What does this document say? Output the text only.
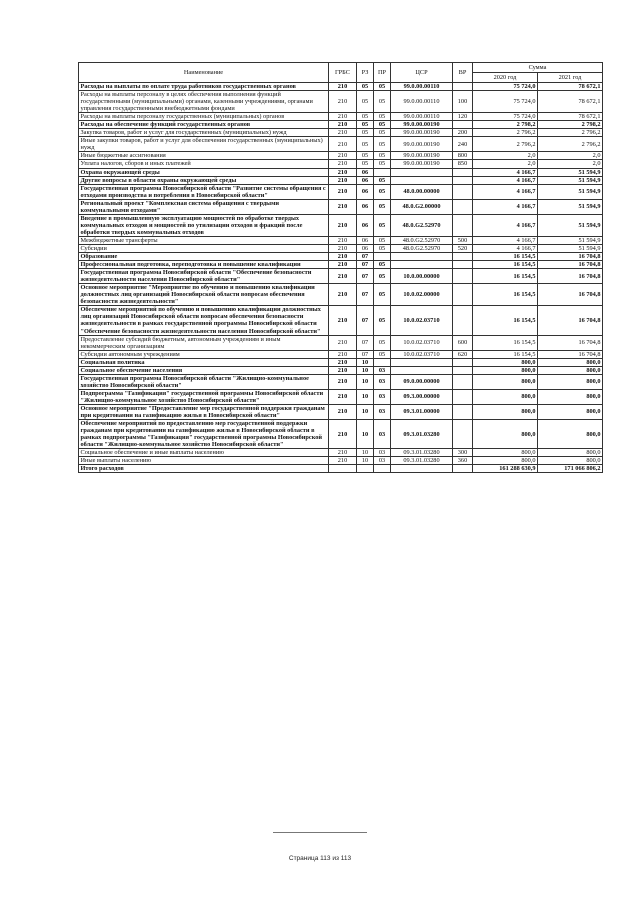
Наименование	ГРБС	РЗ	ПР	ЦСР	ВР	Сумма	
						2020 год	2021 год
Расходы на выплаты по оплате труда работников государственных органов	210	05	05	99.0.00.00110		75 724,0	78 672,1
Расходы на выплаты персоналу в целях обеспечения выполнения функций государственными (муниципальными) органами, казенными учреждениями, органами управления государственными внебюджетными фондами	210	05	05	99.0.00.00110	100	75 724,0	78 672,1
Расходы на выплаты персоналу государственных (муниципальных) органов	210	05	05	99.0.00.00110	120	75 724,0	78 672,1
Расходы на обеспечение функций государственных органов	210	05	05	99.0.00.00190		2 798,2	2 798,2
Закупка товаров, работ и услуг для государственных (муниципальных) нужд	210	05	05	99.0.00.00190	200	2 796,2	2 796,2
Иные закупки товаров, работ и услуг для обеспечения государственных (муниципальных) нужд	210	05	05	99.0.00.00190	240	2 796,2	2 796,2
Иные бюджетные ассигнования	210	05	05	99.0.00.00190	800	2,0	2,0
Уплата налогов, сборов и иных платежей	210	05	05	99.0.00.00190	850	2,0	2,0
Охрана окружающей среды	210	06				4 166,7	51 594,9
Другие вопросы в области охраны окружающей среды	210	06	05			4 166,7	51 594,9
Государственная программа Новосибирской области "Развитие системы обращения с отходами производства и потребления в Новосибирской области"	210	06	05	48.0.00.00000		4 166,7	51 594,9
Региональный проект "Комплексная система обращения с твердыми коммунальными отходами"	210	06	05	48.0.G2.00000		4 166,7	51 594,9
Введение в промышленную эксплуатацию мощностей по обработке твердых коммунальных отходов и мощностей по утилизации отходов и фракций после обработки твердых коммунальных отходов	210	06	05	48.0.G2.52970		4 166,7	51 594,9
Межбюджетные трансферты	210	06	05	48.0.G2.52970	500	4 166,7	51 594,9
Субсидии	210	06	05	48.0.G2.52970	520	4 166,7	51 594,9
Образование	210	07				16 154,5	16 704,8
Профессиональная подготовка, переподготовка и повышение квалификации	210	07	05			16 154,5	16 704,8
Государственная программа Новосибирской области "Обеспечение безопасности жизнедеятельности населения Новосибирской области"	210	07	05	10.0.00.00000		16 154,5	16 704,8
Основное мероприятие "Мероприятие по обучению и повышению квалификации должностных лиц организаций Новосибирской области вопросам обеспечения безопасности жизнедеятельности"	210	07	05	10.0.02.00000		16 154,5	16 704,8
Обеспечение мероприятий по обучению и повышению квалификации должностных лиц организаций Новосибирской области вопросам обеспечения безопасности жизнедеятельности в рамках государственной программы Новосибирской области "Обеспечение безопасности жизнедеятельности населения Новосибирской области"	210	07	05	10.0.02.03710		16 154,5	16 704,8
Предоставление субсидий бюджетным, автономным учреждениям и иным некоммерческим организациям	210	07	05	10.0.02.03710	600	16 154,5	16 704,8
Субсидии автономным учреждениям	210	07	05	10.0.02.03710	620	16 154,5	16 704,8
Социальная политика	210	10				800,0	800,0
Социальное обеспечение населения	210	10	03			800,0	800,0
Государственная программа Новосибирской области "Жилищно-коммунальное хозяйство Новосибирской области"	210	10	03	09.0.00.00000		800,0	800,0
Подпрограмма "Газификация" государственной программы Новосибирской области "Жилищно-коммунальное хозяйство Новосибирской области"	210	10	03	09.3.00.00000		800,0	800,0
Основное мероприятие "Предоставление мер государственной поддержки гражданам при кредитовании на газификацию жилья в Новосибирской области"	210	10	03	09.3.01.00000		800,0	800,0
Обеспечение мероприятий по предоставлению мер государственной поддержки гражданам при кредитовании на газификацию жилья в Новосибирской области в рамках подпрограммы "Газификация" государственной программы Новосибирской области "Жилищно-коммунальное хозяйство Новосибирской области"	210	10	03	09.3.01.03280		800,0	800,0
Социальное обеспечение и иные выплаты населению	210	10	03	09.3.01.03280	300	800,0	800,0
Иные выплаты населению	210	10	03	09.3.01.03280	360	800,0	800,0
Итого расходов						161 288 630,9	171 066 806,2
Страница 113 из 113
